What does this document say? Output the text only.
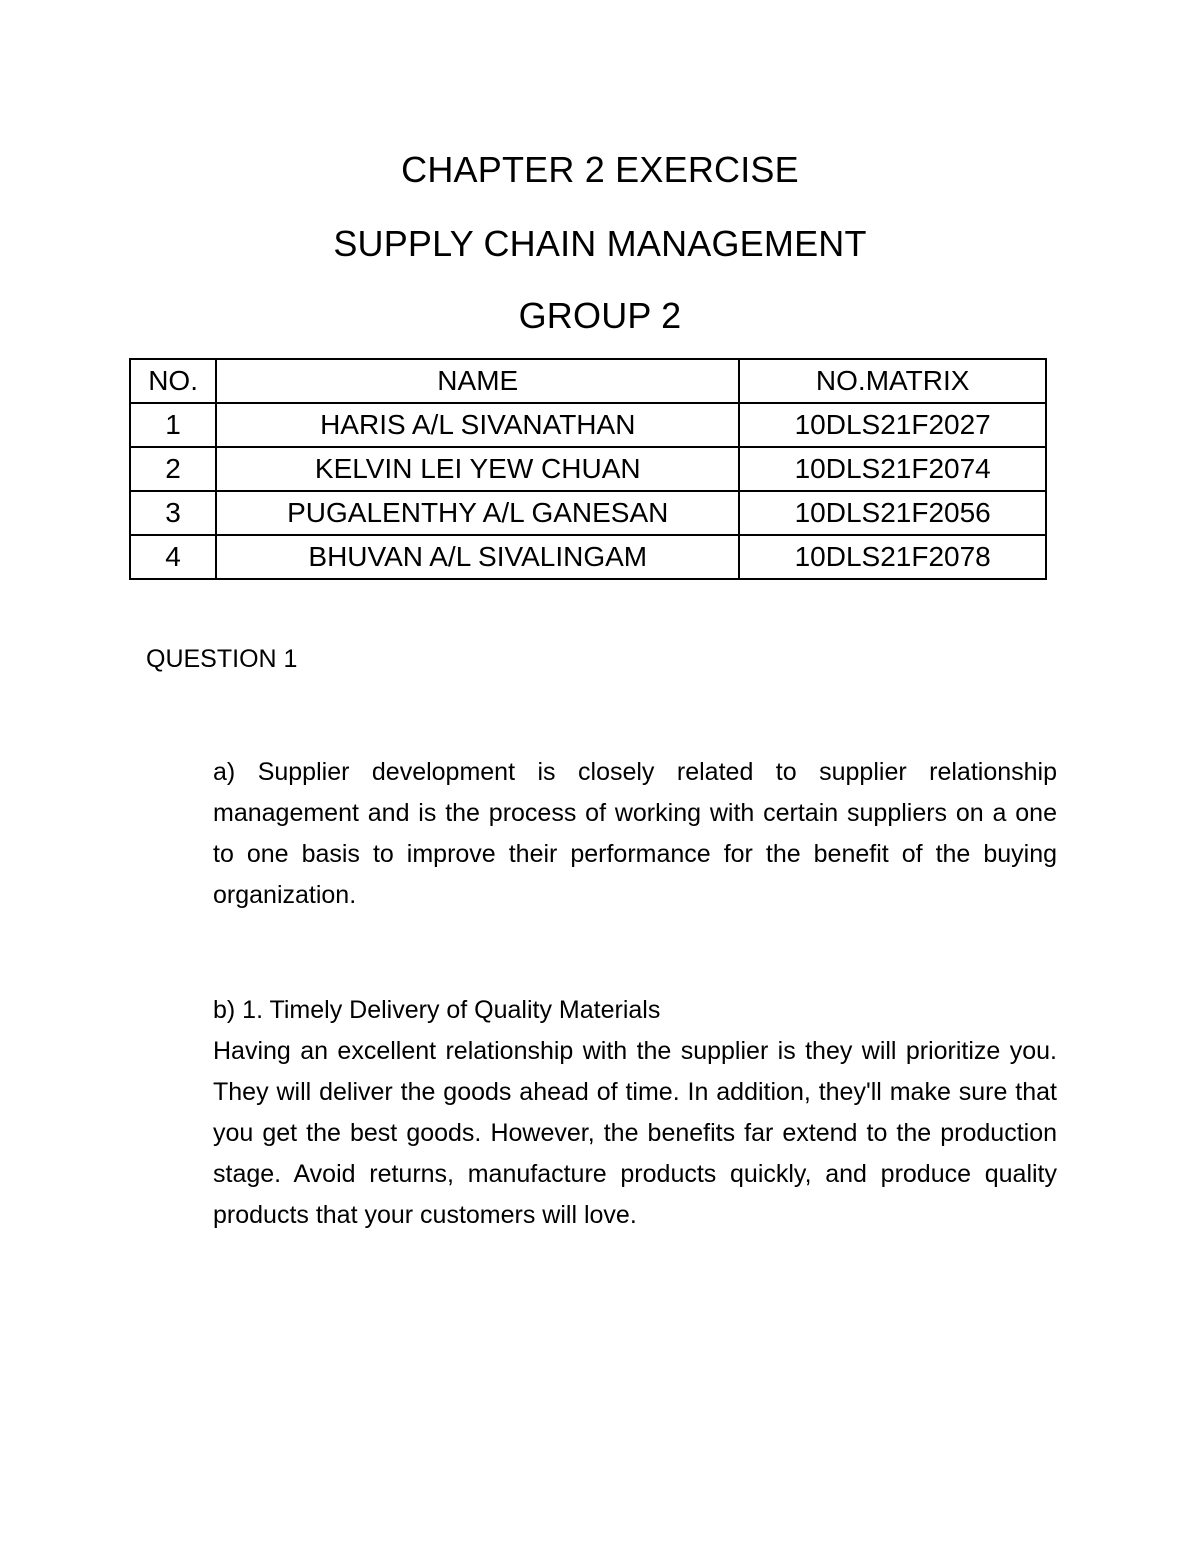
CHAPTER 2 EXERCISE
SUPPLY CHAIN MANAGEMENT
GROUP 2
NO.	NAME	NO.MATRIX
1	HARIS A/L SIVANATHAN	10DLS21F2027
2	KELVIN LEI YEW CHUAN	10DLS21F2074
3	PUGALENTHY A/L GANESAN	10DLS21F2056
4	BHUVAN A/L SIVALINGAM	10DLS21F2078
QUESTION 1
a) Supplier development is closely related to supplier relationship management and is the process of working with certain suppliers on a one to one basis to improve their performance for the benefit of the buying organization.
b) 1. Timely Delivery of Quality Materials
Having an excellent relationship with the supplier is they will prioritize you. They will deliver the goods ahead of time. In addition, they'll make sure that you get the best goods. However, the benefits far extend to the production stage. Avoid returns, manufacture products quickly, and produce quality products that your customers will love.
